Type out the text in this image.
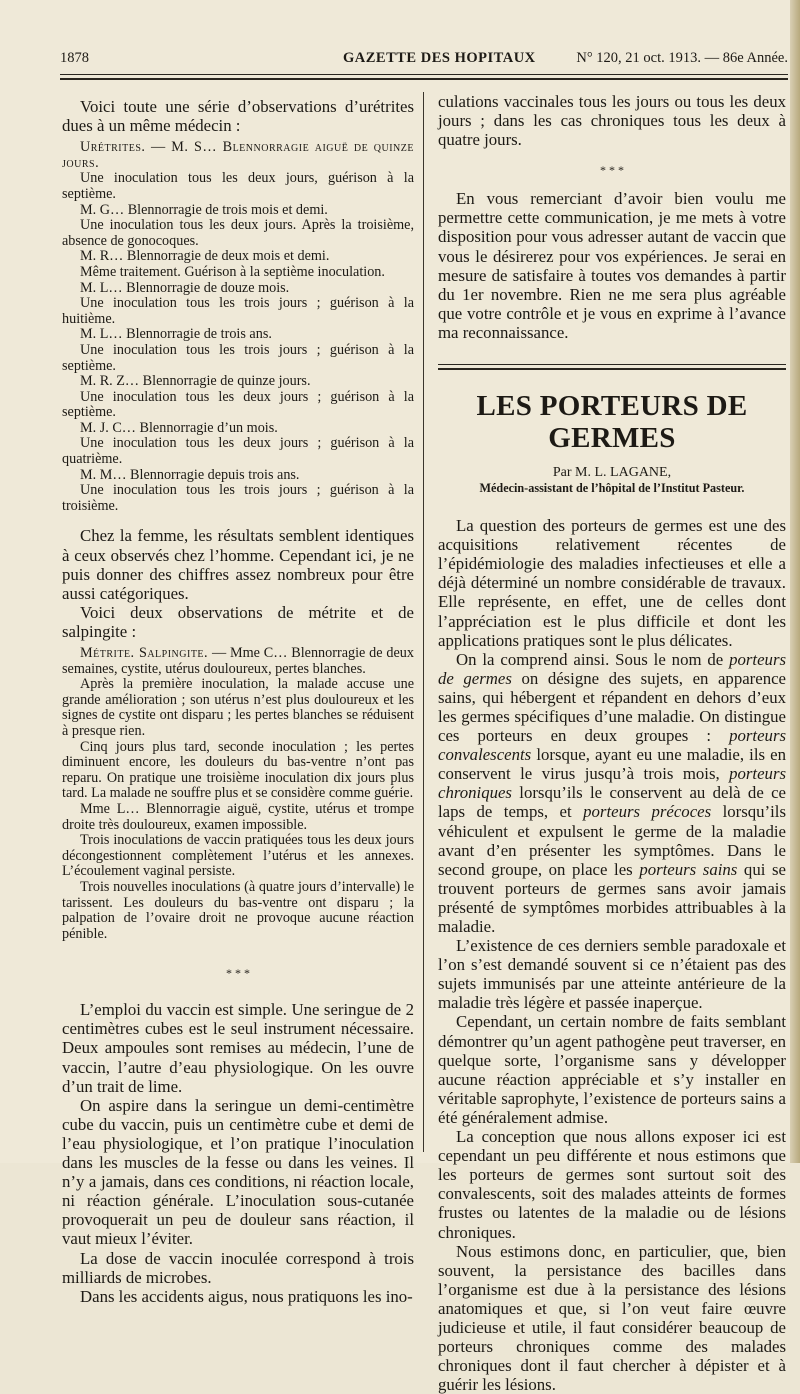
1878	GAZETTE DES HOPITAUX	N° 120, 21 oct. 1913. — 86e Année.

Voici toute une série d’observations d’urétrites dues à un même médecin :

Urétrites. — M. S… Blennorragie aiguë de quinze jours.

Une inoculation tous les deux jours, guérison à la septième.

M. G… Blennorragie de trois mois et demi.

Une inoculation tous les deux jours. Après la troisième, absence de gonocoques.

M. R… Blennorragie de deux mois et demi.

Même traitement. Guérison à la septième inoculation.

M. L… Blennorragie de douze mois.

Une inoculation tous les trois jours ; guérison à la huitième.

M. L… Blennorragie de trois ans.

Une inoculation tous les trois jours ; guérison à la septième.

M. R. Z… Blennorragie de quinze jours.

Une inoculation tous les deux jours ; guérison à la septième.

M. J. C… Blennorragie d’un mois.

Une inoculation tous les deux jours ; guérison à la quatrième.

M. M… Blennorragie depuis trois ans.

Une inoculation tous les trois jours ; guérison à la troisième.

Chez la femme, les résultats semblent identiques à ceux observés chez l’homme. Cependant ici, je ne puis donner des chiffres assez nombreux pour être aussi catégoriques.

Voici deux observations de métrite et de salpingite :

Métrite. Salpingite. — Mme C… Blennorragie de deux semaines, cystite, utérus douloureux, pertes blanches.

Après la première inoculation, la malade accuse une grande amélioration ; son utérus n’est plus douloureux et les signes de cystite ont disparu ; les pertes blanches se réduisent à presque rien.

Cinq jours plus tard, seconde inoculation ; les pertes diminuent encore, les douleurs du bas-ventre n’ont pas reparu. On pratique une troisième inoculation dix jours plus tard. La malade ne souffre plus et se considère comme guérie.

Mme L… Blennorragie aiguë, cystite, utérus et trompe droite très douloureux, examen impossible.

Trois inoculations de vaccin pratiquées tous les deux jours décongestionnent complètement l’utérus et les annexes. L’écoulement vaginal persiste.

Trois nouvelles inoculations (à quatre jours d’intervalle) le tarissent. Les douleurs du bas-ventre ont disparu ; la palpation de l’ovaire droit ne provoque aucune réaction pénible.

* * *

L’emploi du vaccin est simple. Une seringue de 2 centimètres cubes est le seul instrument nécessaire. Deux ampoules sont remises au médecin, l’une de vaccin, l’autre d’eau physiologique. On les ouvre d’un trait de lime.

On aspire dans la seringue un demi-centimètre cube du vaccin, puis un centimètre cube et demi de l’eau physiologique, et l’on pratique l’inoculation dans les muscles de la fesse ou dans les veines. Il n’y a jamais, dans ces conditions, ni réaction locale, ni réaction générale. L’inoculation sous-cutanée provoquerait un peu de douleur sans réaction, il vaut mieux l’éviter.

La dose de vaccin inoculée correspond à trois milliards de microbes.

Dans les accidents aigus, nous pratiquons les ino-

culations vaccinales tous les jours ou tous les deux jours ; dans les cas chroniques tous les deux à quatre jours.

* * *

En vous remerciant d’avoir bien voulu me permettre cette communication, je me mets à votre disposition pour vous adresser autant de vaccin que vous le désirerez pour vos expériences. Je serai en mesure de satisfaire à toutes vos demandes à partir du 1er novembre. Rien ne me sera plus agréable que votre contrôle et je vous en exprime à l’avance ma reconnaissance.

LES PORTEURS DE GERMES
Par M. L. LAGANE,
Médecin-assistant de l’hôpital de l’Institut Pasteur.

La question des porteurs de germes est une des acquisitions relativement récentes de l’épidémiologie des maladies infectieuses et elle a déjà déterminé un nombre considérable de travaux. Elle représente, en effet, une de celles dont l’appréciation est le plus difficile et dont les applications pratiques sont le plus délicates.

On la comprend ainsi. Sous le nom de porteurs de germes on désigne des sujets, en apparence sains, qui hébergent et répandent en dehors d’eux les germes spécifiques d’une maladie. On distingue ces porteurs en deux groupes : porteurs convalescents lorsque, ayant eu une maladie, ils en conservent le virus jusqu’à trois mois, porteurs chroniques lorsqu’ils le conservent au delà de ce laps de temps, et porteurs précoces lorsqu’ils véhiculent et expulsent le germe de la maladie avant d’en présenter les symptômes. Dans le second groupe, on place les porteurs sains qui se trouvent porteurs de germes sans avoir jamais présenté de symptômes morbides attribuables à la maladie.

L’existence de ces derniers semble paradoxale et l’on s’est demandé souvent si ce n’étaient pas des sujets immunisés par une atteinte antérieure de la maladie très légère et passée inaperçue.

Cependant, un certain nombre de faits semblant démontrer qu’un agent pathogène peut traverser, en quelque sorte, l’organisme sans y développer aucune réaction appréciable et s’y installer en véritable saprophyte, l’existence de porteurs sains a été généralement admise.

La conception que nous allons exposer ici est cependant un peu différente et nous estimons que les porteurs de germes sont surtout soit des convalescents, soit des malades atteints de formes frustes ou latentes de la maladie ou de lésions chroniques.

Nous estimons donc, en particulier, que, bien souvent, la persistance des bacilles dans l’organisme est due à la persistance des lésions anatomiques et que, si l’on veut faire œuvre judicieuse et utile, il faut considérer beaucoup de porteurs chroniques comme des malades chroniques dont il faut chercher à dépister et à guérir les lésions.
